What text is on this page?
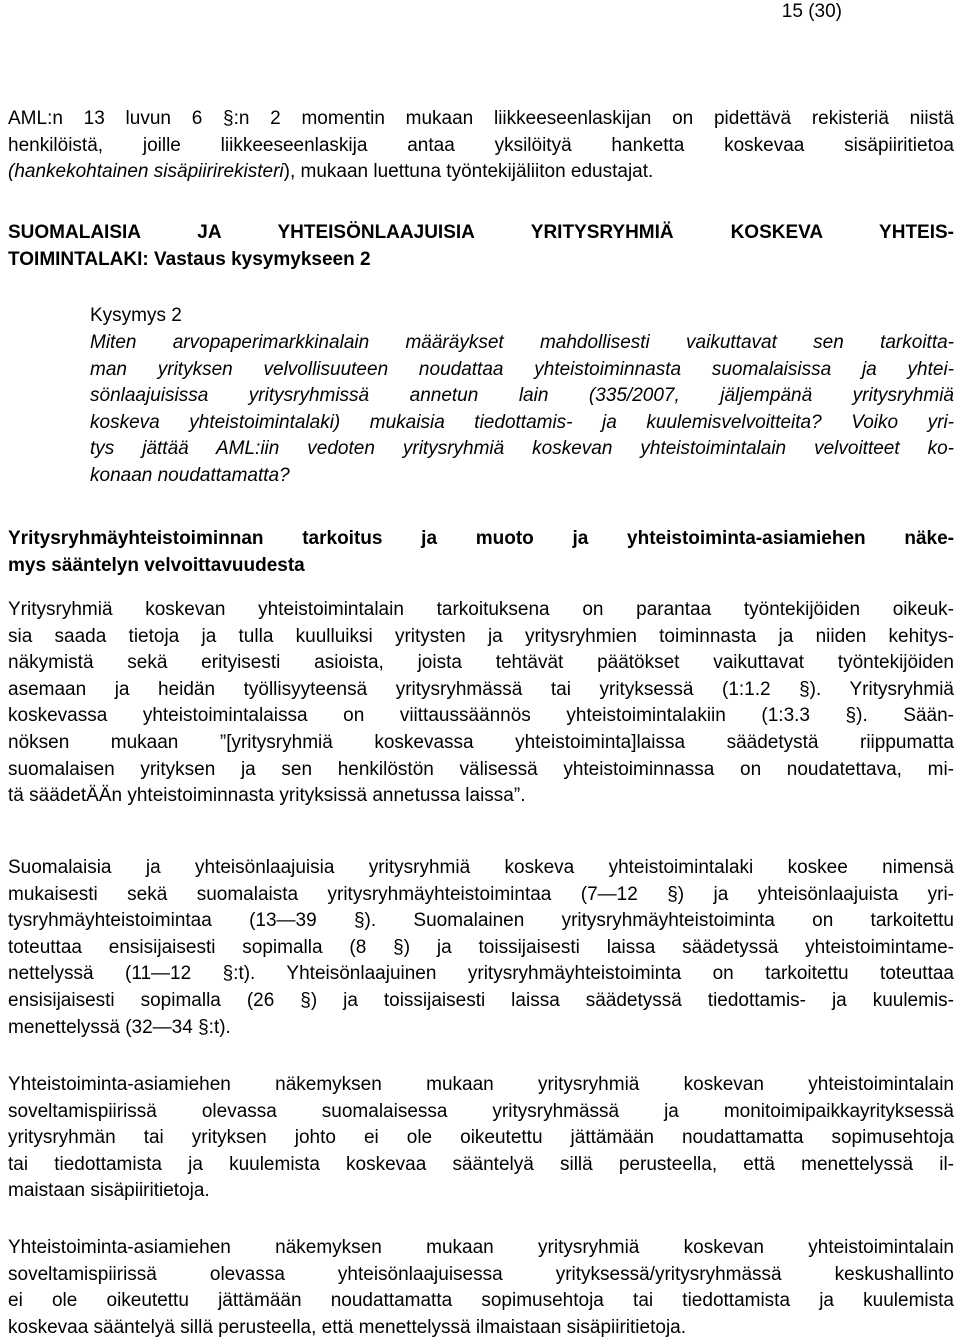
15 (30)
AML:n 13 luvun 6 §:n 2 momentin mukaan liikkeeseenlaskijan on pidettävä rekisteriä niistä
henkilöistä, joille liikkeeseenlaskija antaa yksilöityä hanketta koskevaa sisäpiiritietoa
(hankekohtainen sisäpiirirekisteri), mukaan luettuna työntekijäliiton edustajat.
SUOMALAISIA JA YHTEISÖNLAAJUISIA YRITYSRYHMIÄ KOSKEVA YHTEIS-
TOIMINTALAKI: Vastaus kysymykseen 2
Kysymys 2
Miten arvopaperimarkkinalain määräykset mahdollisesti vaikuttavat sen tarkoitta-
man yrityksen velvollisuuteen noudattaa yhteistoiminnasta suomalaisissa ja yhtei-
sönlaajuisissa yritysryhmissä annetun lain (335/2007, jäljempänä yritysryhmiä
koskeva yhteistoimintalaki) mukaisia tiedottamis- ja kuulemisvelvoitteita? Voiko yri-
tys jättää AML:iin vedoten yritysryhmiä koskevan yhteistoimintalain velvoitteet ko-
konaan noudattamatta?
Yritysryhmäyhteistoiminnan tarkoitus ja muoto ja yhteistoiminta-asiamiehen näke-
mys sääntelyn velvoittavuudesta
Yritysryhmiä koskevan yhteistoimintalain tarkoituksena on parantaa työntekijöiden oikeuk-
sia saada tietoja ja tulla kuulluiksi yritysten ja yritysryhmien toiminnasta ja niiden kehitys-
näkymistä sekä erityisesti asioista, joista tehtävät päätökset vaikuttavat työntekijöiden
asemaan ja heidän työllisyyteensä yritysryhmässä tai yrityksessä (1:1.2 §). Yritysryhmiä
koskevassa yhteistoimintalaissa on viittaussäännös yhteistoimintalakiin (1:3.3 §). Sään-
nöksen mukaan ”[yritysryhmiä koskevassa yhteistoiminta]laissa säädetystä riippumatta
suomalaisen yrityksen ja sen henkilöstön välisessä yhteistoiminnassa on noudatettava, mi-
tä säädetÄÄn yhteistoiminnasta yrityksissä annetussa laissa”.
Suomalaisia ja yhteisönlaajuisia yritysryhmiä koskeva yhteistoimintalaki koskee nimensä
mukaisesti sekä suomalaista yritysryhmäyhteistoimintaa (7—12 §) ja yhteisönlaajuista yri-
tysryhmäyhteistoimintaa (13—39 §). Suomalainen yritysryhmäyhteistoiminta on tarkoitettu
toteuttaa ensisijaisesti sopimalla (8 §) ja toissijaisesti laissa säädetyssä yhteistoimintame-
nettelyssä (11—12 §:t). Yhteisönlaajuinen yritysryhmäyhteistoiminta on tarkoitettu toteuttaa
ensisijaisesti sopimalla (26 §) ja toissijaisesti laissa säädetyssä tiedottamis- ja kuulemis-
menettelyssä (32—34 §:t).
Yhteistoiminta-asiamiehen näkemyksen mukaan yritysryhmiä koskevan yhteistoimintalain
soveltamispiirissä olevassa suomalaisessa yritysryhmässä ja monitoimipaikkayrityksessä
yritysryhmän tai yrityksen johto ei ole oikeutettu jättämään noudattamatta sopimusehtoja
tai tiedottamista ja kuulemista koskevaa sääntelyä sillä perusteella, että menettelyssä il-
maistaan sisäpiiritietoja.
Yhteistoiminta-asiamiehen näkemyksen mukaan yritysryhmiä koskevan yhteistoimintalain
soveltamispiirissä olevassa yhteisönlaajuisessa yrityksessä/yritysryhmässä keskushallinto
ei ole oikeutettu jättämään noudattamatta sopimusehtoja tai tiedottamista ja kuulemista
koskevaa sääntelyä sillä perusteella, että menettelyssä ilmaistaan sisäpiiritietoja.
